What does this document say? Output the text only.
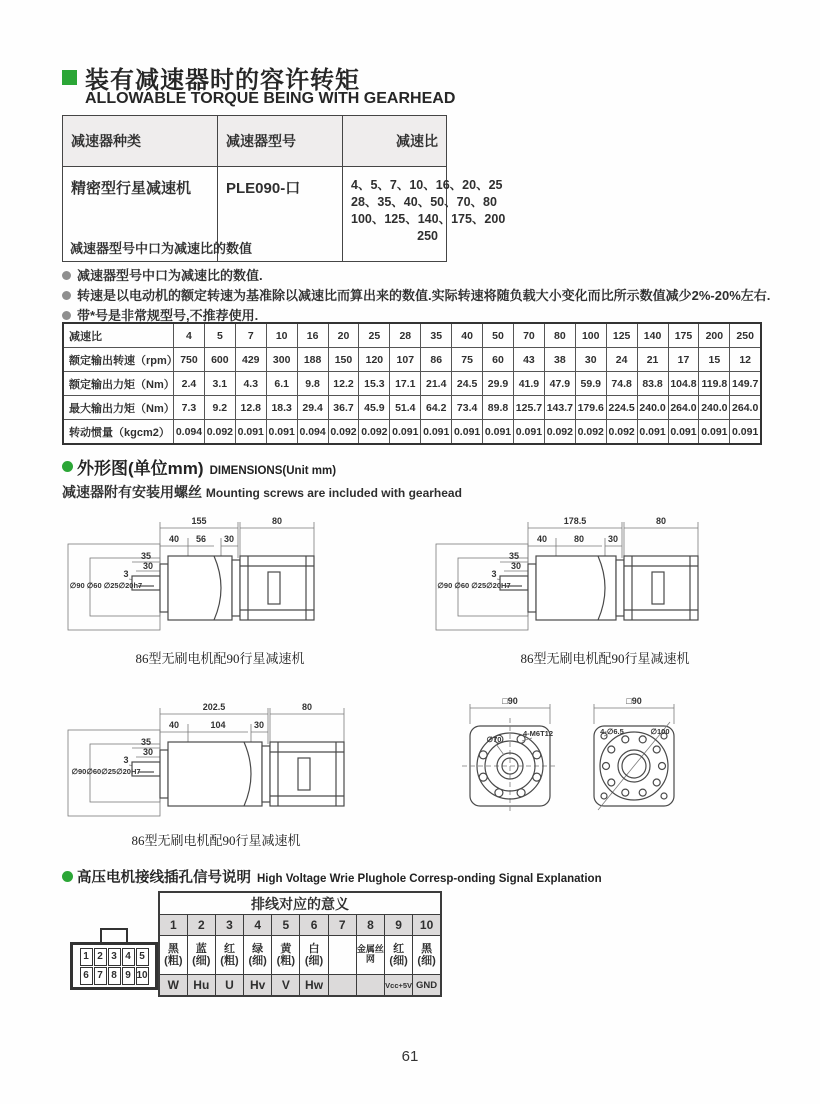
装有减速器时的容许转矩
ALLOWABLE TORQUE BEING WITH GEARHEAD
减速器种类	减速器型号	减速比
精密型行星减速机	PLE090-口	4、5、7、10、16、20、25
28、35、40、50、70、80
100、125、140、175、200
250
减速器型号中口为减速比的数值
减速器型号中口为减速比的数值.
转速是以电动机的额定转速为基准除以减速比而算出来的数值.实际转速将随负载大小变化而比所示数值减少2%-20%左右.
带*号是非常规型号,不推荐使用.
减速比	4	5	7	10	16	20	25	28	35	40	50	70	80	100	125	140	175	200	250
额定输出转速（rpm）	750	600	429	300	188	150	120	107	86	75	60	43	38	30	24	21	17	15	12
额定输出力矩（Nm）	2.4	3.1	4.3	6.1	9.8	12.2	15.3	17.1	21.4	24.5	29.9	41.9	47.9	59.9	74.8	83.8	104.8	119.8	149.7
最大输出力矩（Nm）	7.3	9.2	12.8	18.3	29.4	36.7	45.9	51.4	64.2	73.4	89.8	125.7	143.7	179.6	224.5	240.0	264.0	240.0	264.0
转动惯量（kgcm2）	0.094	0.092	0.091	0.091	0.094	0.092	0.092	0.091	0.091	0.091	0.091	0.091	0.092	0.092	0.092	0.091	0.091	0.091	0.091
外形图(单位mm) DIMENSIONS(Unit mm)
减速器附有安装用螺丝 Mounting screws are included with gearhead
155	80
40 56 30
35
30
3
∅90 ∅60 ∅25∅20h7
86型无刷电机配90行星减速机
178.5	80
40	80	30
35
30
3
∅90 ∅60 ∅25∅20H7
86型无刷电机配90行星减速机
202.5	80
40	104	30
35
30
3
∅90∅60∅25∅20H7
86型无刷电机配90行星减速机
□90
∅70
4-M6T12
□90
4-∅6.5	∅100
高压电机接线插孔信号说明 High Voltage Wrie Plughole Corresp-onding Signal Explanation
1 2 3 4 5
6 7 8 9 10
排线对应的意义									
1	2	3	4	5	6	7	8	9	10
黑(粗)	蓝(细)	红(粗)	绿(细)	黄(粗)	白(细)		金属丝网	红(细)	黑(细)
W	Hu	U	Hv	V	Hw			Vcc+5V	GND
61
